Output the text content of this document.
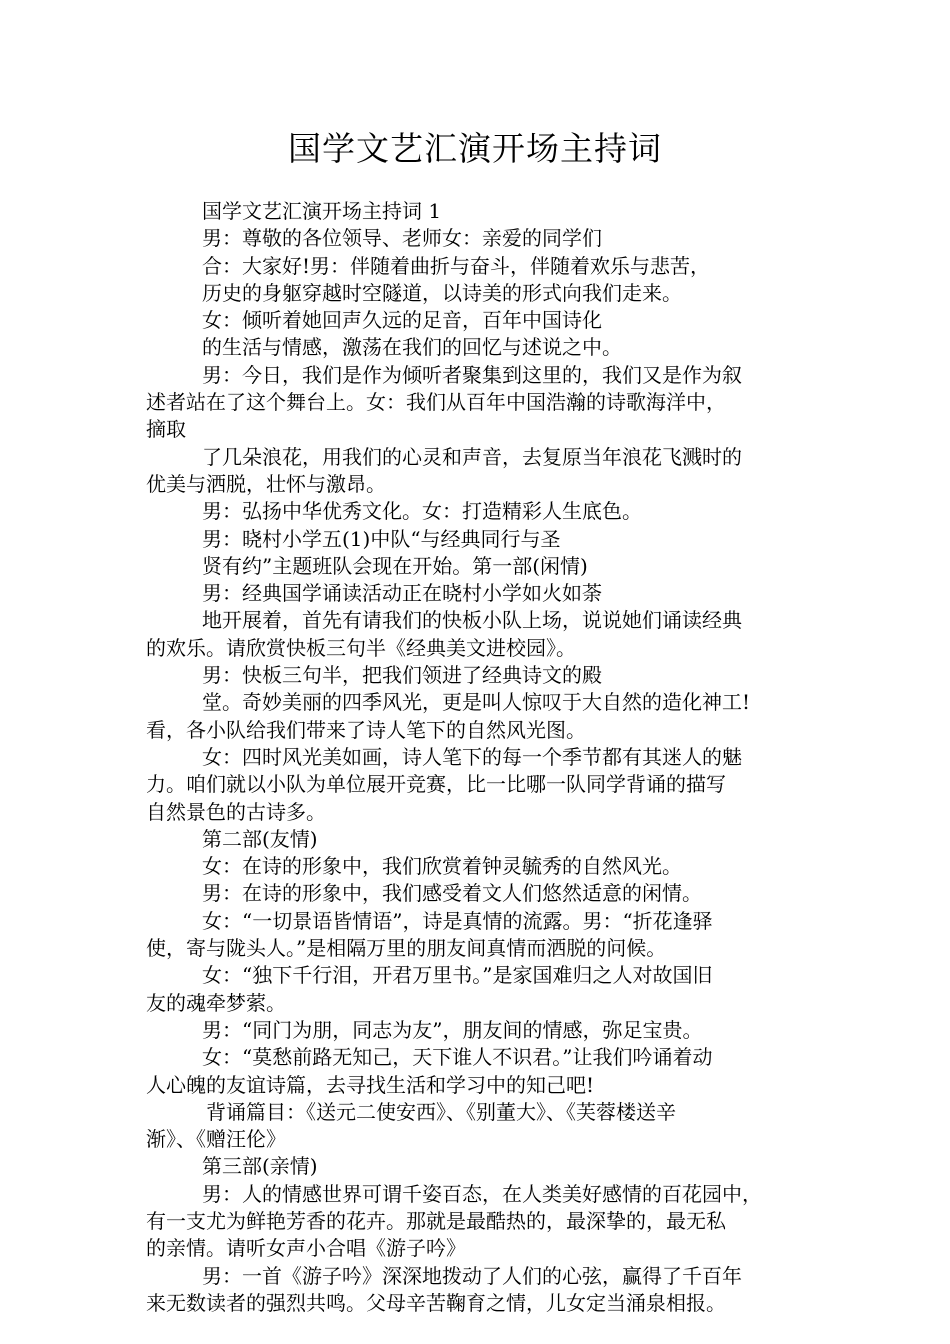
国学文艺汇演开场主持词

国学文艺汇演开场主持词 1

男：尊敬的各位领导、老师女：亲爱的同学们

合：大家好!男：伴随着曲折与奋斗，伴随着欢乐与悲苦，

历史的身躯穿越时空隧道，以诗美的形式向我们走来。

女：倾听着她回声久远的足音，百年中国诗化

的生活与情感，激荡在我们的回忆与述说之中。

男：今日，我们是作为倾听者聚集到这里的，我们又是作为叙

述者站在了这个舞台上。女：我们从百年中国浩瀚的诗歌海洋中，

摘取

了几朵浪花，用我们的心灵和声音，去复原当年浪花飞溅时的

优美与洒脱，壮怀与激昂。

男：弘扬中华优秀文化。女：打造精彩人生底色。

男：晓村小学五(1)中队“与经典同行与圣

贤有约”主题班队会现在开始。第一部(闲情)

男：经典国学诵读活动正在晓村小学如火如荼

地开展着，首先有请我们的快板小队上场，说说她们诵读经典

的欢乐。请欣赏快板三句半《经典美文进校园》。

男：快板三句半，把我们领进了经典诗文的殿

堂。奇妙美丽的四季风光，更是叫人惊叹于大自然的造化神工!

看，各小队给我们带来了诗人笔下的自然风光图。

女：四时风光美如画，诗人笔下的每一个季节都有其迷人的魅

力。咱们就以小队为单位展开竞赛，比一比哪一队同学背诵的描写

自然景色的古诗多。

第二部(友情)

女：在诗的形象中，我们欣赏着钟灵毓秀的自然风光。

男：在诗的形象中，我们感受着文人们悠然适意的闲情。

女：“一切景语皆情语”，诗是真情的流露。男：“折花逢驿

使，寄与陇头人。”是相隔万里的朋友间真情而洒脱的问候。

女：“独下千行泪，开君万里书。”是家国难归之人对故国旧

友的魂牵梦萦。

男：“同门为朋，同志为友”，朋友间的情感，弥足宝贵。

女：“莫愁前路无知己，天下谁人不识君。”让我们吟诵着动

人心魄的友谊诗篇，去寻找生活和学习中的知己吧!

背诵篇目：《送元二使安西》、《别董大》、《芙蓉楼送辛

渐》、《赠汪伦》

第三部(亲情)

男：人的情感世界可谓千姿百态，在人类美好感情的百花园中，

有一支尤为鲜艳芳香的花卉。那就是最酷热的，最深挚的，最无私

的亲情。请听女声小合唱《游子吟》

男：一首《游子吟》深深地拨动了人们的心弦，赢得了千百年

来无数读者的强烈共鸣。父母辛苦鞠育之情，儿女定当涌泉相报。
